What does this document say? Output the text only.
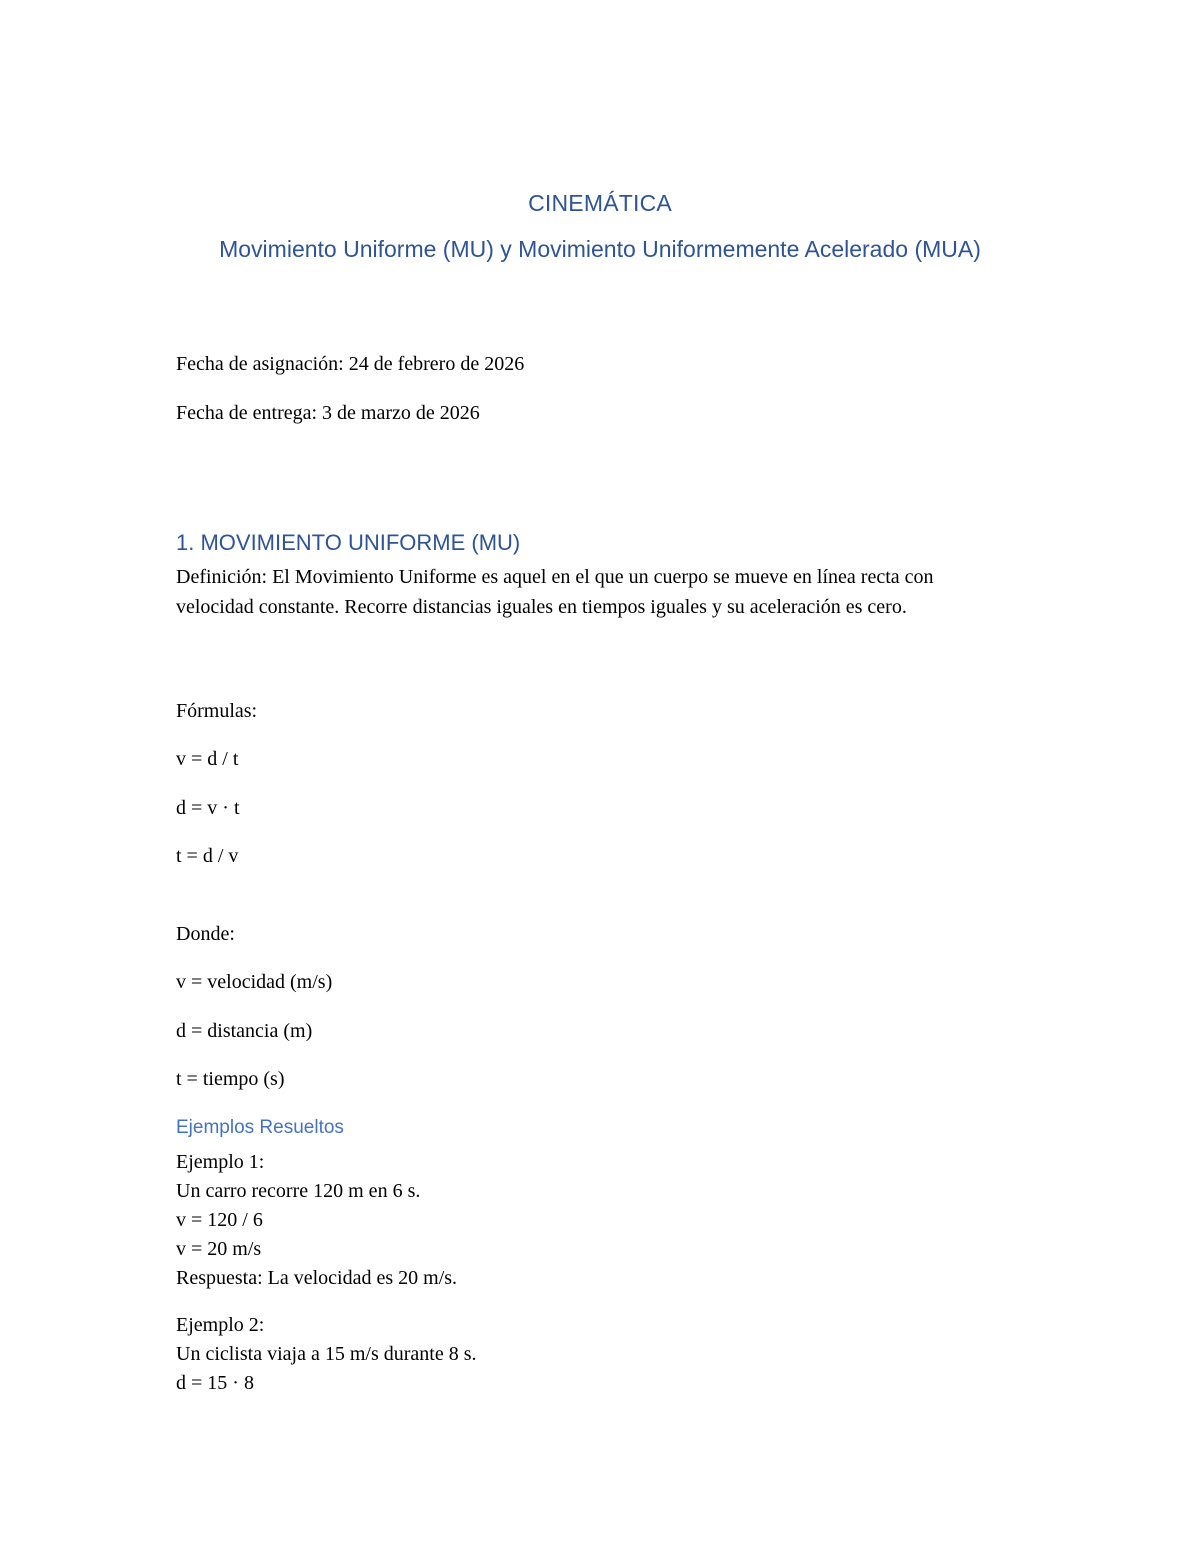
CINEMÁTICA
Movimiento Uniforme (MU) y Movimiento Uniformemente Acelerado (MUA)
Fecha de asignación: 24 de febrero de 2026
Fecha de entrega: 3 de marzo de 2026
1. MOVIMIENTO UNIFORME (MU)
Definición: El Movimiento Uniforme es aquel en el que un cuerpo se mueve en línea recta con velocidad constante. Recorre distancias iguales en tiempos iguales y su aceleración es cero.
Fórmulas:
v = d / t
d = v · t
t = d / v
Donde:
v = velocidad (m/s)
d = distancia (m)
t = tiempo (s)
Ejemplos Resueltos
Ejemplo 1:
Un carro recorre 120 m en 6 s.
v = 120 / 6
v = 20 m/s
Respuesta: La velocidad es 20 m/s.
Ejemplo 2:
Un ciclista viaja a 15 m/s durante 8 s.
d = 15 · 8
